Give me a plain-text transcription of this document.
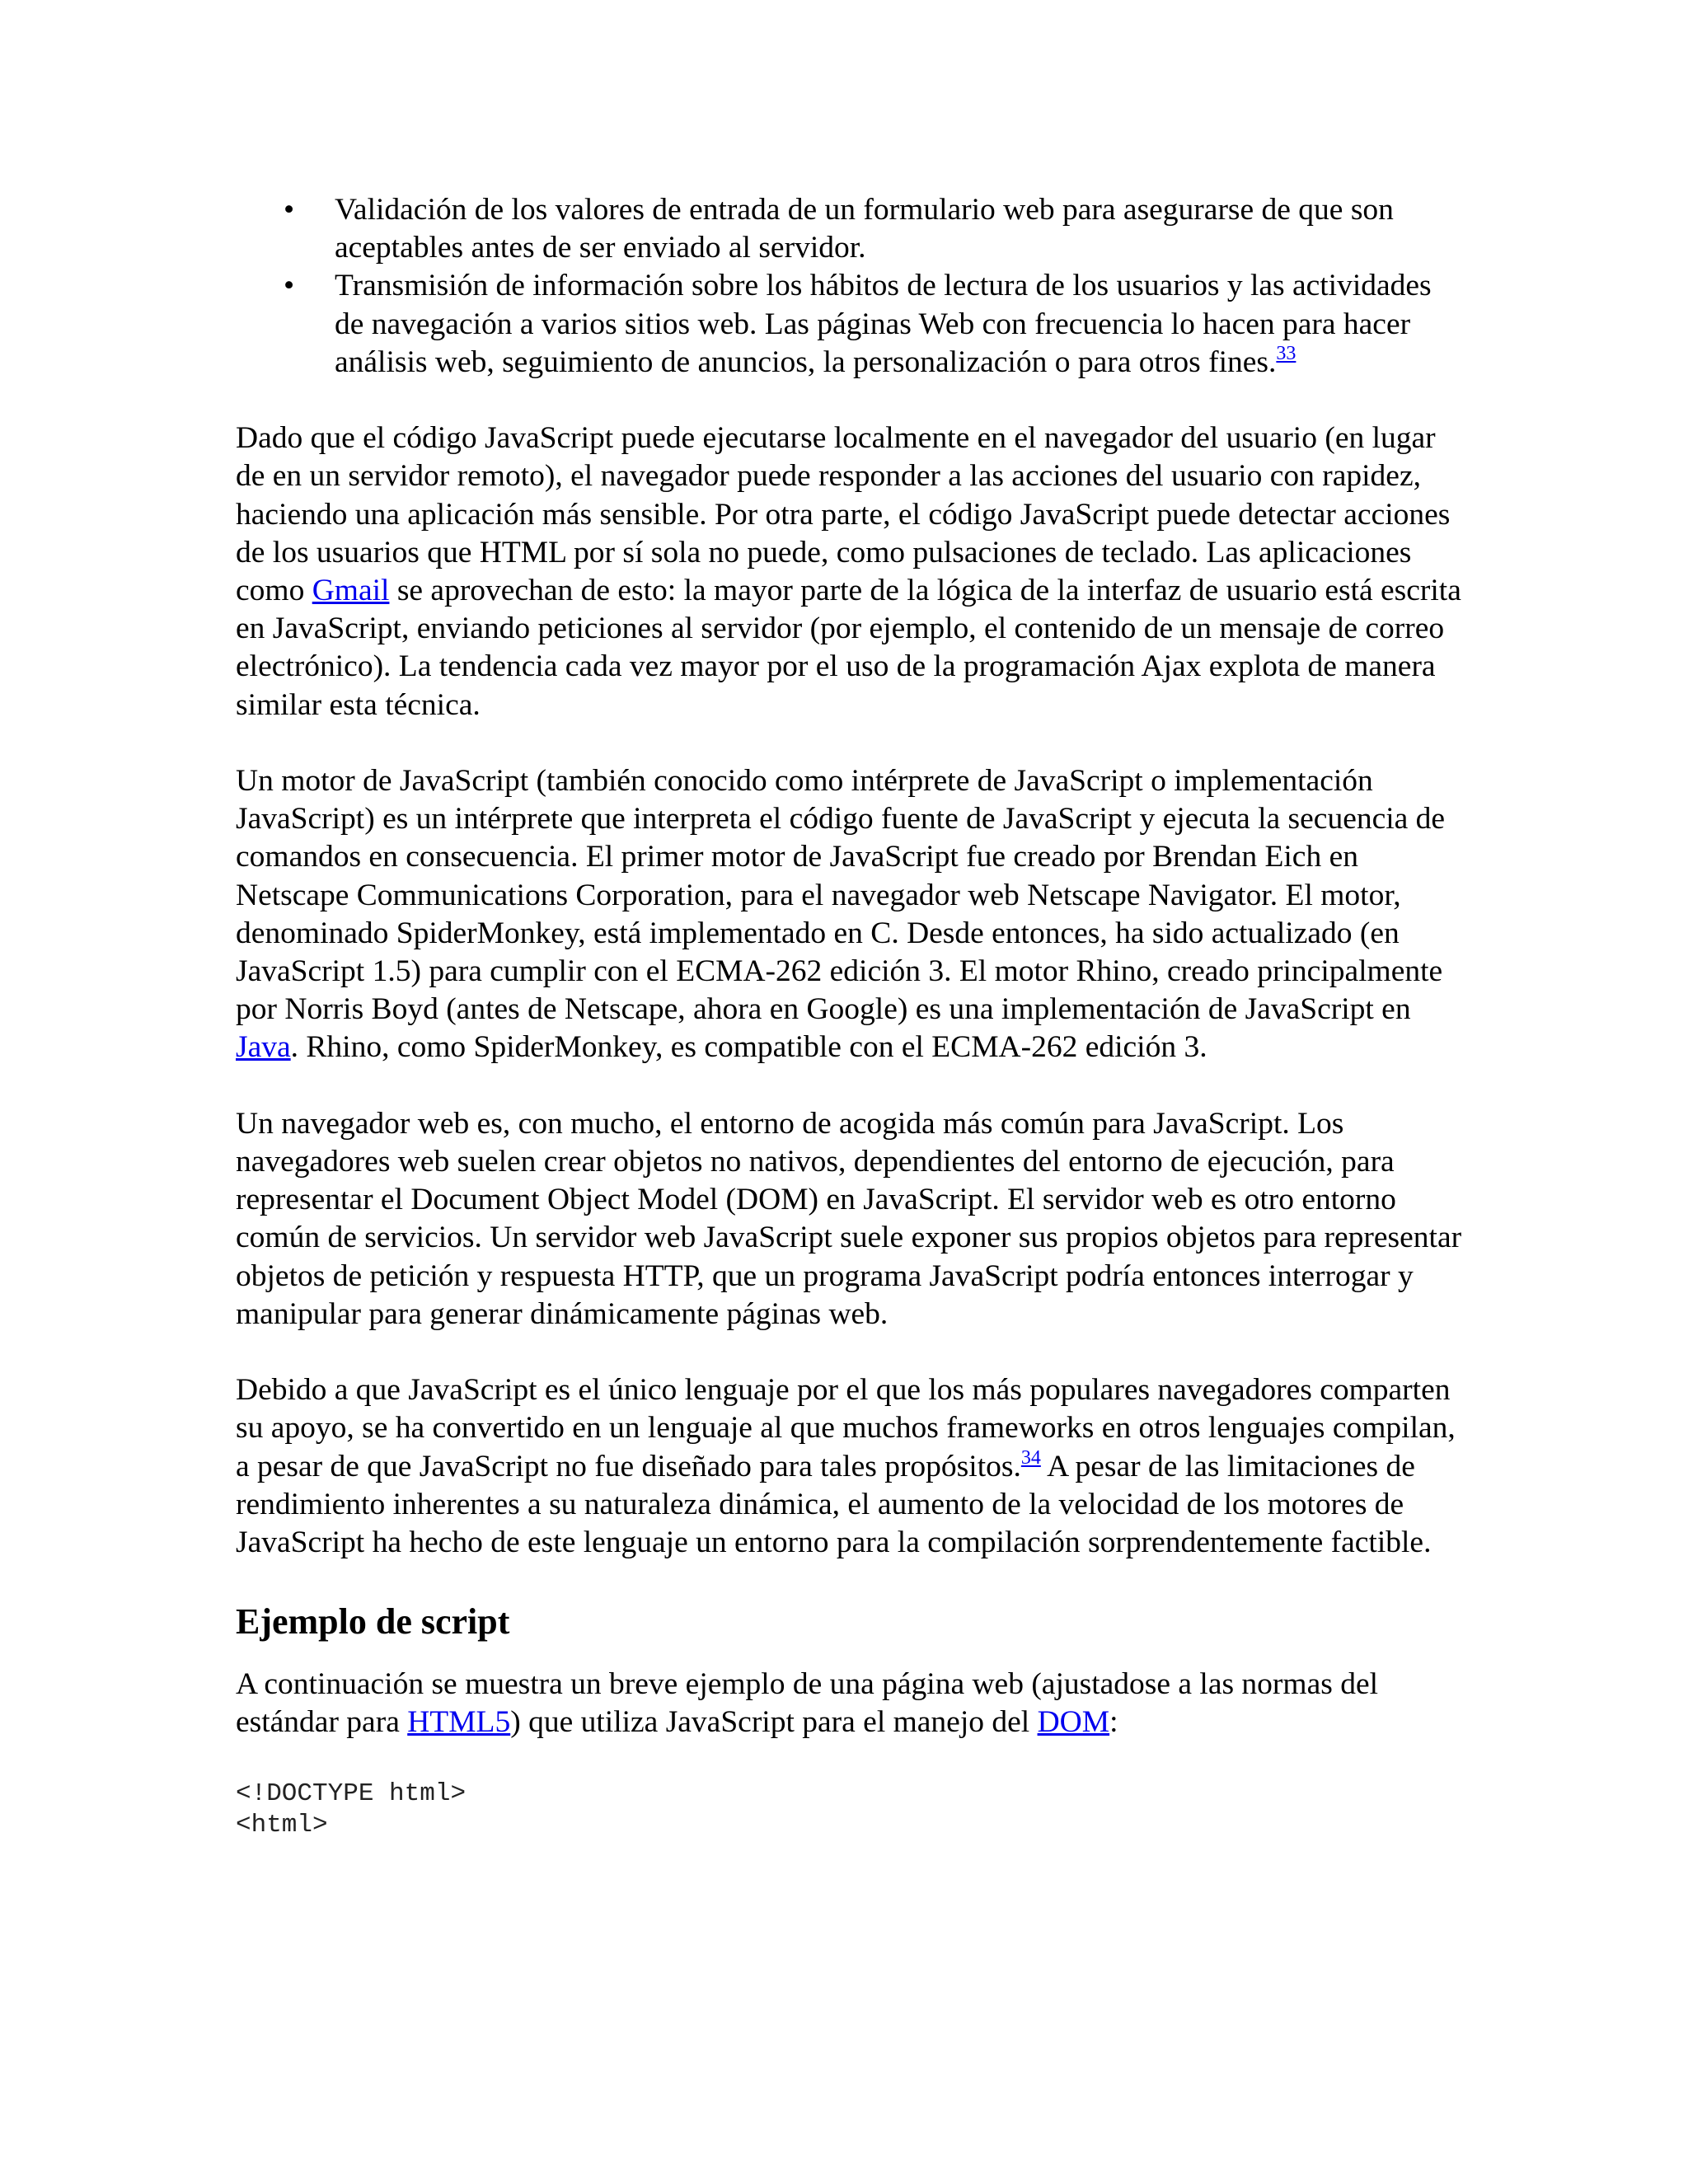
• Validación de los valores de entrada de un formulario web para asegurarse de que son aceptables antes de ser enviado al servidor.
• Transmisión de información sobre los hábitos de lectura de los usuarios y las actividades de navegación a varios sitios web. Las páginas Web con frecuencia lo hacen para hacer análisis web, seguimiento de anuncios, la personalización o para otros fines.$^{33}$

Dado que el código JavaScript puede ejecutarse localmente en el navegador del usuario (en lugar de en un servidor remoto), el navegador puede responder a las acciones del usuario con rapidez, haciendo una aplicación más sensible. Por otra parte, el código JavaScript puede detectar acciones de los usuarios que HTML por sí sola no puede, como pulsaciones de teclado. Las aplicaciones como Gmail se aprovechan de esto: la mayor parte de la lógica de la interfaz de usuario está escrita en JavaScript, enviando peticiones al servidor (por ejemplo, el contenido de un mensaje de correo electrónico). La tendencia cada vez mayor por el uso de la programación Ajax explota de manera similar esta técnica.

Un motor de JavaScript (también conocido como intérprete de JavaScript o implementación JavaScript) es un intérprete que interpreta el código fuente de JavaScript y ejecuta la secuencia de comandos en consecuencia. El primer motor de JavaScript fue creado por Brendan Eich en Netscape Communications Corporation, para el navegador web Netscape Navigator. El motor, denominado SpiderMonkey, está implementado en C. Desde entonces, ha sido actualizado (en JavaScript 1.5) para cumplir con el ECMA-262 edición 3. El motor Rhino, creado principalmente por Norris Boyd (antes de Netscape, ahora en Google) es una implementación de JavaScript en Java. Rhino, como SpiderMonkey, es compatible con el ECMA-262 edición 3.

Un navegador web es, con mucho, el entorno de acogida más común para JavaScript. Los navegadores web suelen crear objetos no nativos, dependientes del entorno de ejecución, para representar el Document Object Model (DOM) en JavaScript. El servidor web es otro entorno común de servicios. Un servidor web JavaScript suele exponer sus propios objetos para representar objetos de petición y respuesta HTTP, que un programa JavaScript podría entonces interrogar y manipular para generar dinámicamente páginas web.

Debido a que JavaScript es el único lenguaje por el que los más populares navegadores comparten su apoyo, se ha convertido en un lenguaje al que muchos frameworks en otros lenguajes compilan, a pesar de que JavaScript no fue diseñado para tales propósitos.$^{34}$ A pesar de las limitaciones de rendimiento inherentes a su naturaleza dinámica, el aumento de la velocidad de los motores de JavaScript ha hecho de este lenguaje un entorno para la compilación sorprendentemente factible.

Ejemplo de script

A continuación se muestra un breve ejemplo de una página web (ajustadose a las normas del estándar para HTML5) que utiliza JavaScript para el manejo del DOM:

<!DOCTYPE html>
<html>
